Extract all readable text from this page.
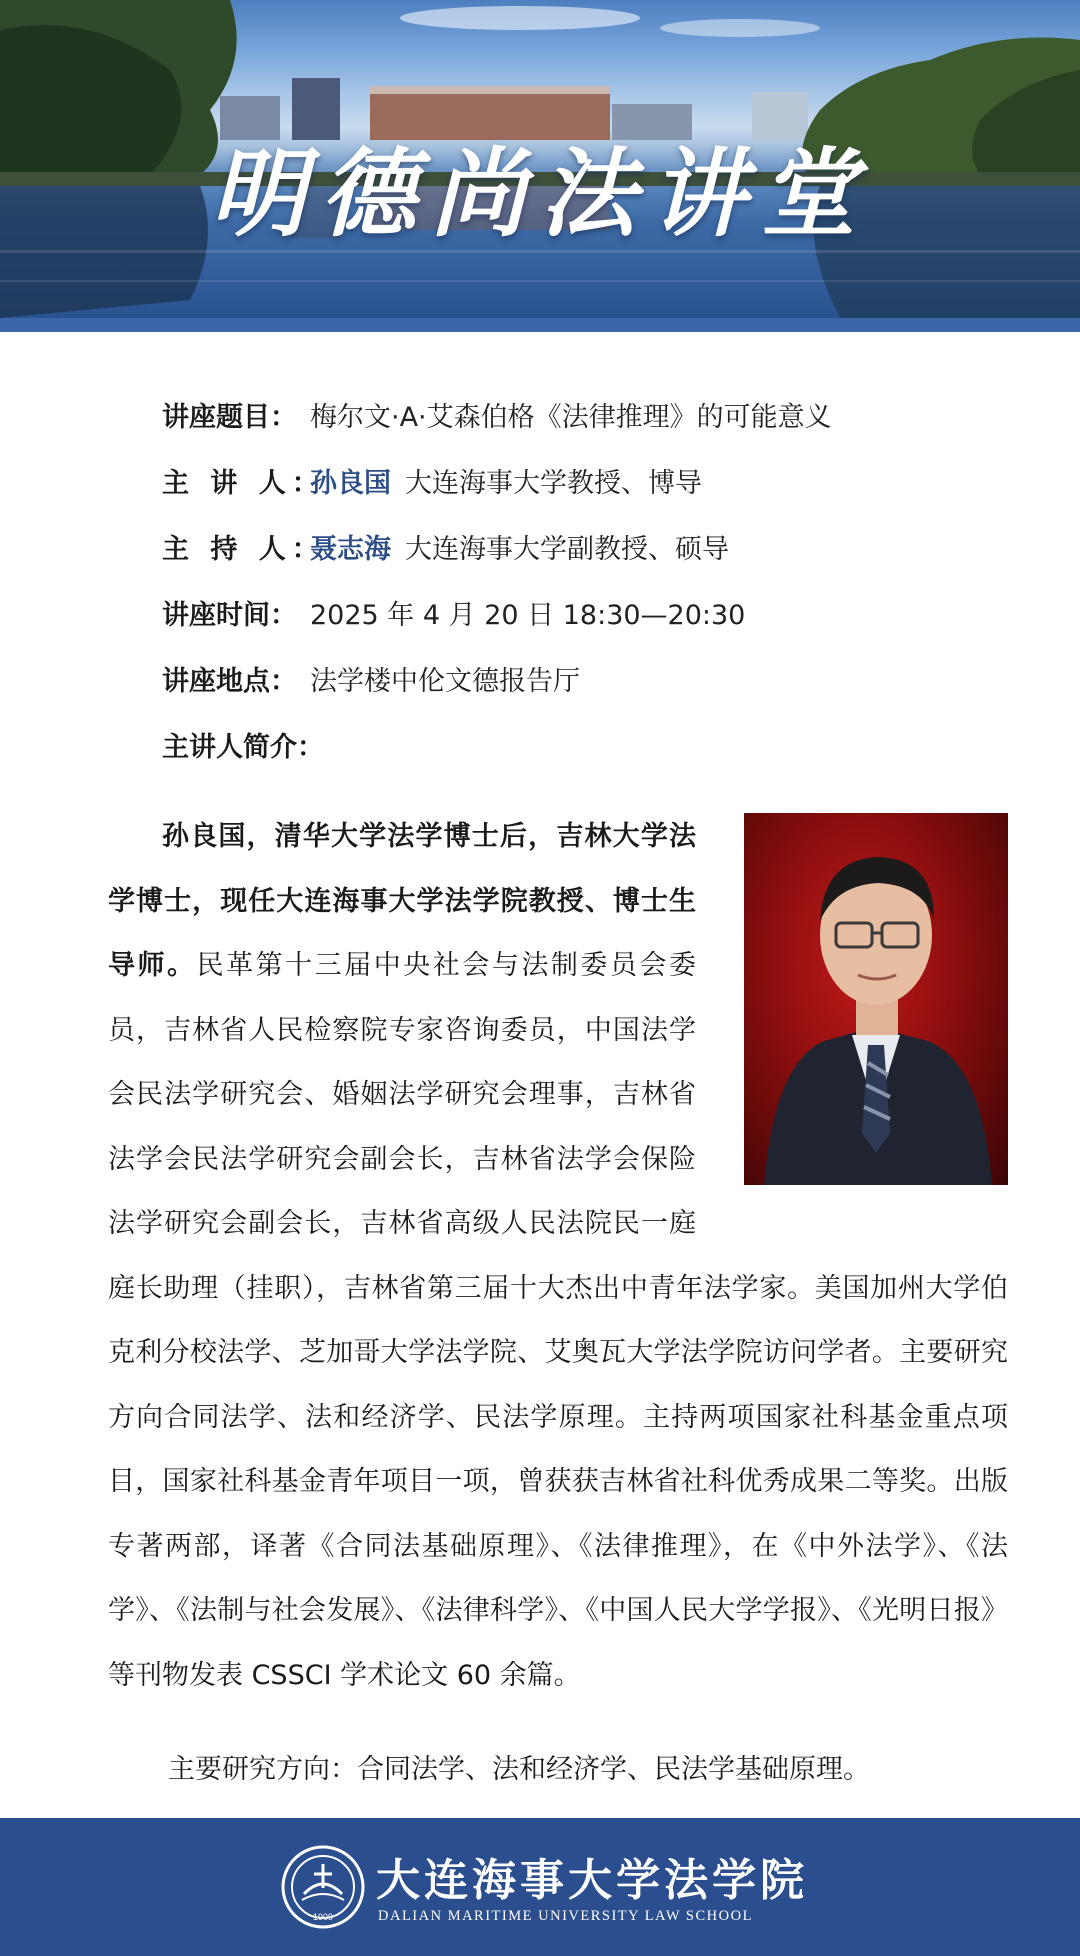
明德尚法讲堂
讲座题目： 梅尔文·A·艾森伯格《法律推理》的可能意义
主 讲 人：孙良国 大连海事大学教授、博导
主 持 人：聂志海 大连海事大学副教授、硕导
讲座时间： 2025 年 4 月 20 日 18:30—20:30
讲座地点： 法学楼中伦文德报告厅
主讲人简介：

孙良国，清华大学法学博士后，吉林大学法学博士，现任大连海事大学法学院教授、博士生导师。民革第十三届中央社会与法制委员会委员，吉林省人民检察院专家咨询委员，中国法学会民法学研究会、婚姻法学研究会理事，吉林省法学会民法学研究会副会长，吉林省法学会保险法学研究会副会长，吉林省高级人民法院民一庭庭长助理（挂职），吉林省第三届十大杰出中青年法学家。美国加州大学伯克利分校法学、芝加哥大学法学院、艾奥瓦大学法学院访问学者。主要研究方向合同法学、法和经济学、民法学原理。主持两项国家社科基金重点项目，国家社科基金青年项目一项，曾获获吉林省社科优秀成果二等奖。出版专著两部，译著《合同法基础原理》、《法律推理》，在《中外法学》、《法学》、《法制与社会发展》、《法律科学》、《中国人民大学学报》、《光明日报》等刊物发表 CSSCI 学术论文 60 余篇。

主要研究方向：合同法学、法和经济学、民法学基础原理。

1909
大连海事大学法学院
DALIAN MARITIME UNIVERSITY LAW SCHOOL
